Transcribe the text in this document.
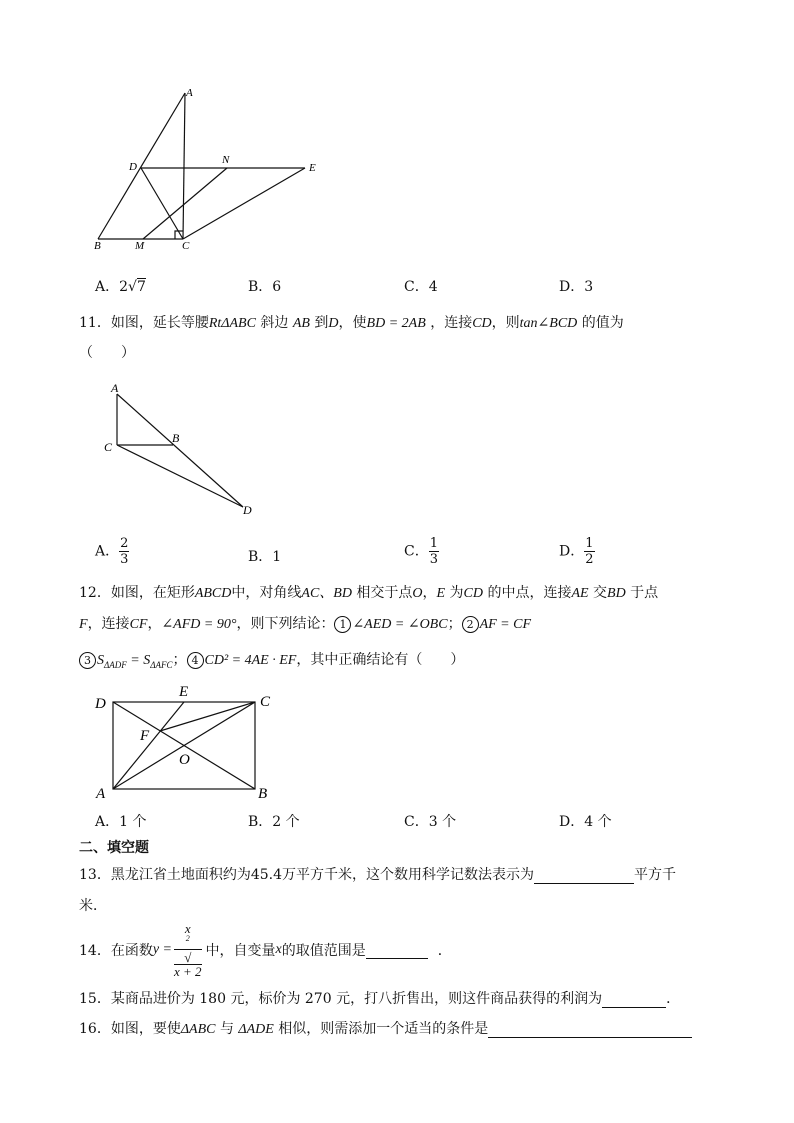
A
N
D	E
B	M	C
A．2√7	B．6	C．4	D．3
11．如图，延长等腰RtΔABC 斜边 AB 到D，使BD = 2AB ，连接CD，则tan∠BCD 的值为
（　　）
A
C
B
D
A． $\frac{2}{3}$	B．1	C． $\frac{1}{3}$	D． $\frac{1}{2}$
12．如图，在矩形ABCD中，对角线AC、BD 相交于点O，E 为CD 的中点，连接AE 交BD 于点
F，连接CF，∠AFD = 90°，则下列结论： 1 ∠AED = ∠OBC； 2 AF = CF
3 $S_{\Delta ADF} = S_{\Delta AFC}$； 4 CD² = 4AE · EF，其中正确结论有（　　）
D
E
C
F
O
A	B
A．1 个	B．2 个	C．3 个	D．4 个
二、填空题
13．黑龙江省土地面积约为45.4万平方千米，这个数用科学记数法表示为	平方千
米．
14． 在函数 y = x
$^2$
√
x + 2 中，自变量 x 的取值范围是
	．
15．某商品进价为 180 元，标价为 270 元，打八折售出，则这件商品获得的利润为	．
16．如图，要使ΔABC 与 ΔADE 相似，则需添加一个适当的条件是
